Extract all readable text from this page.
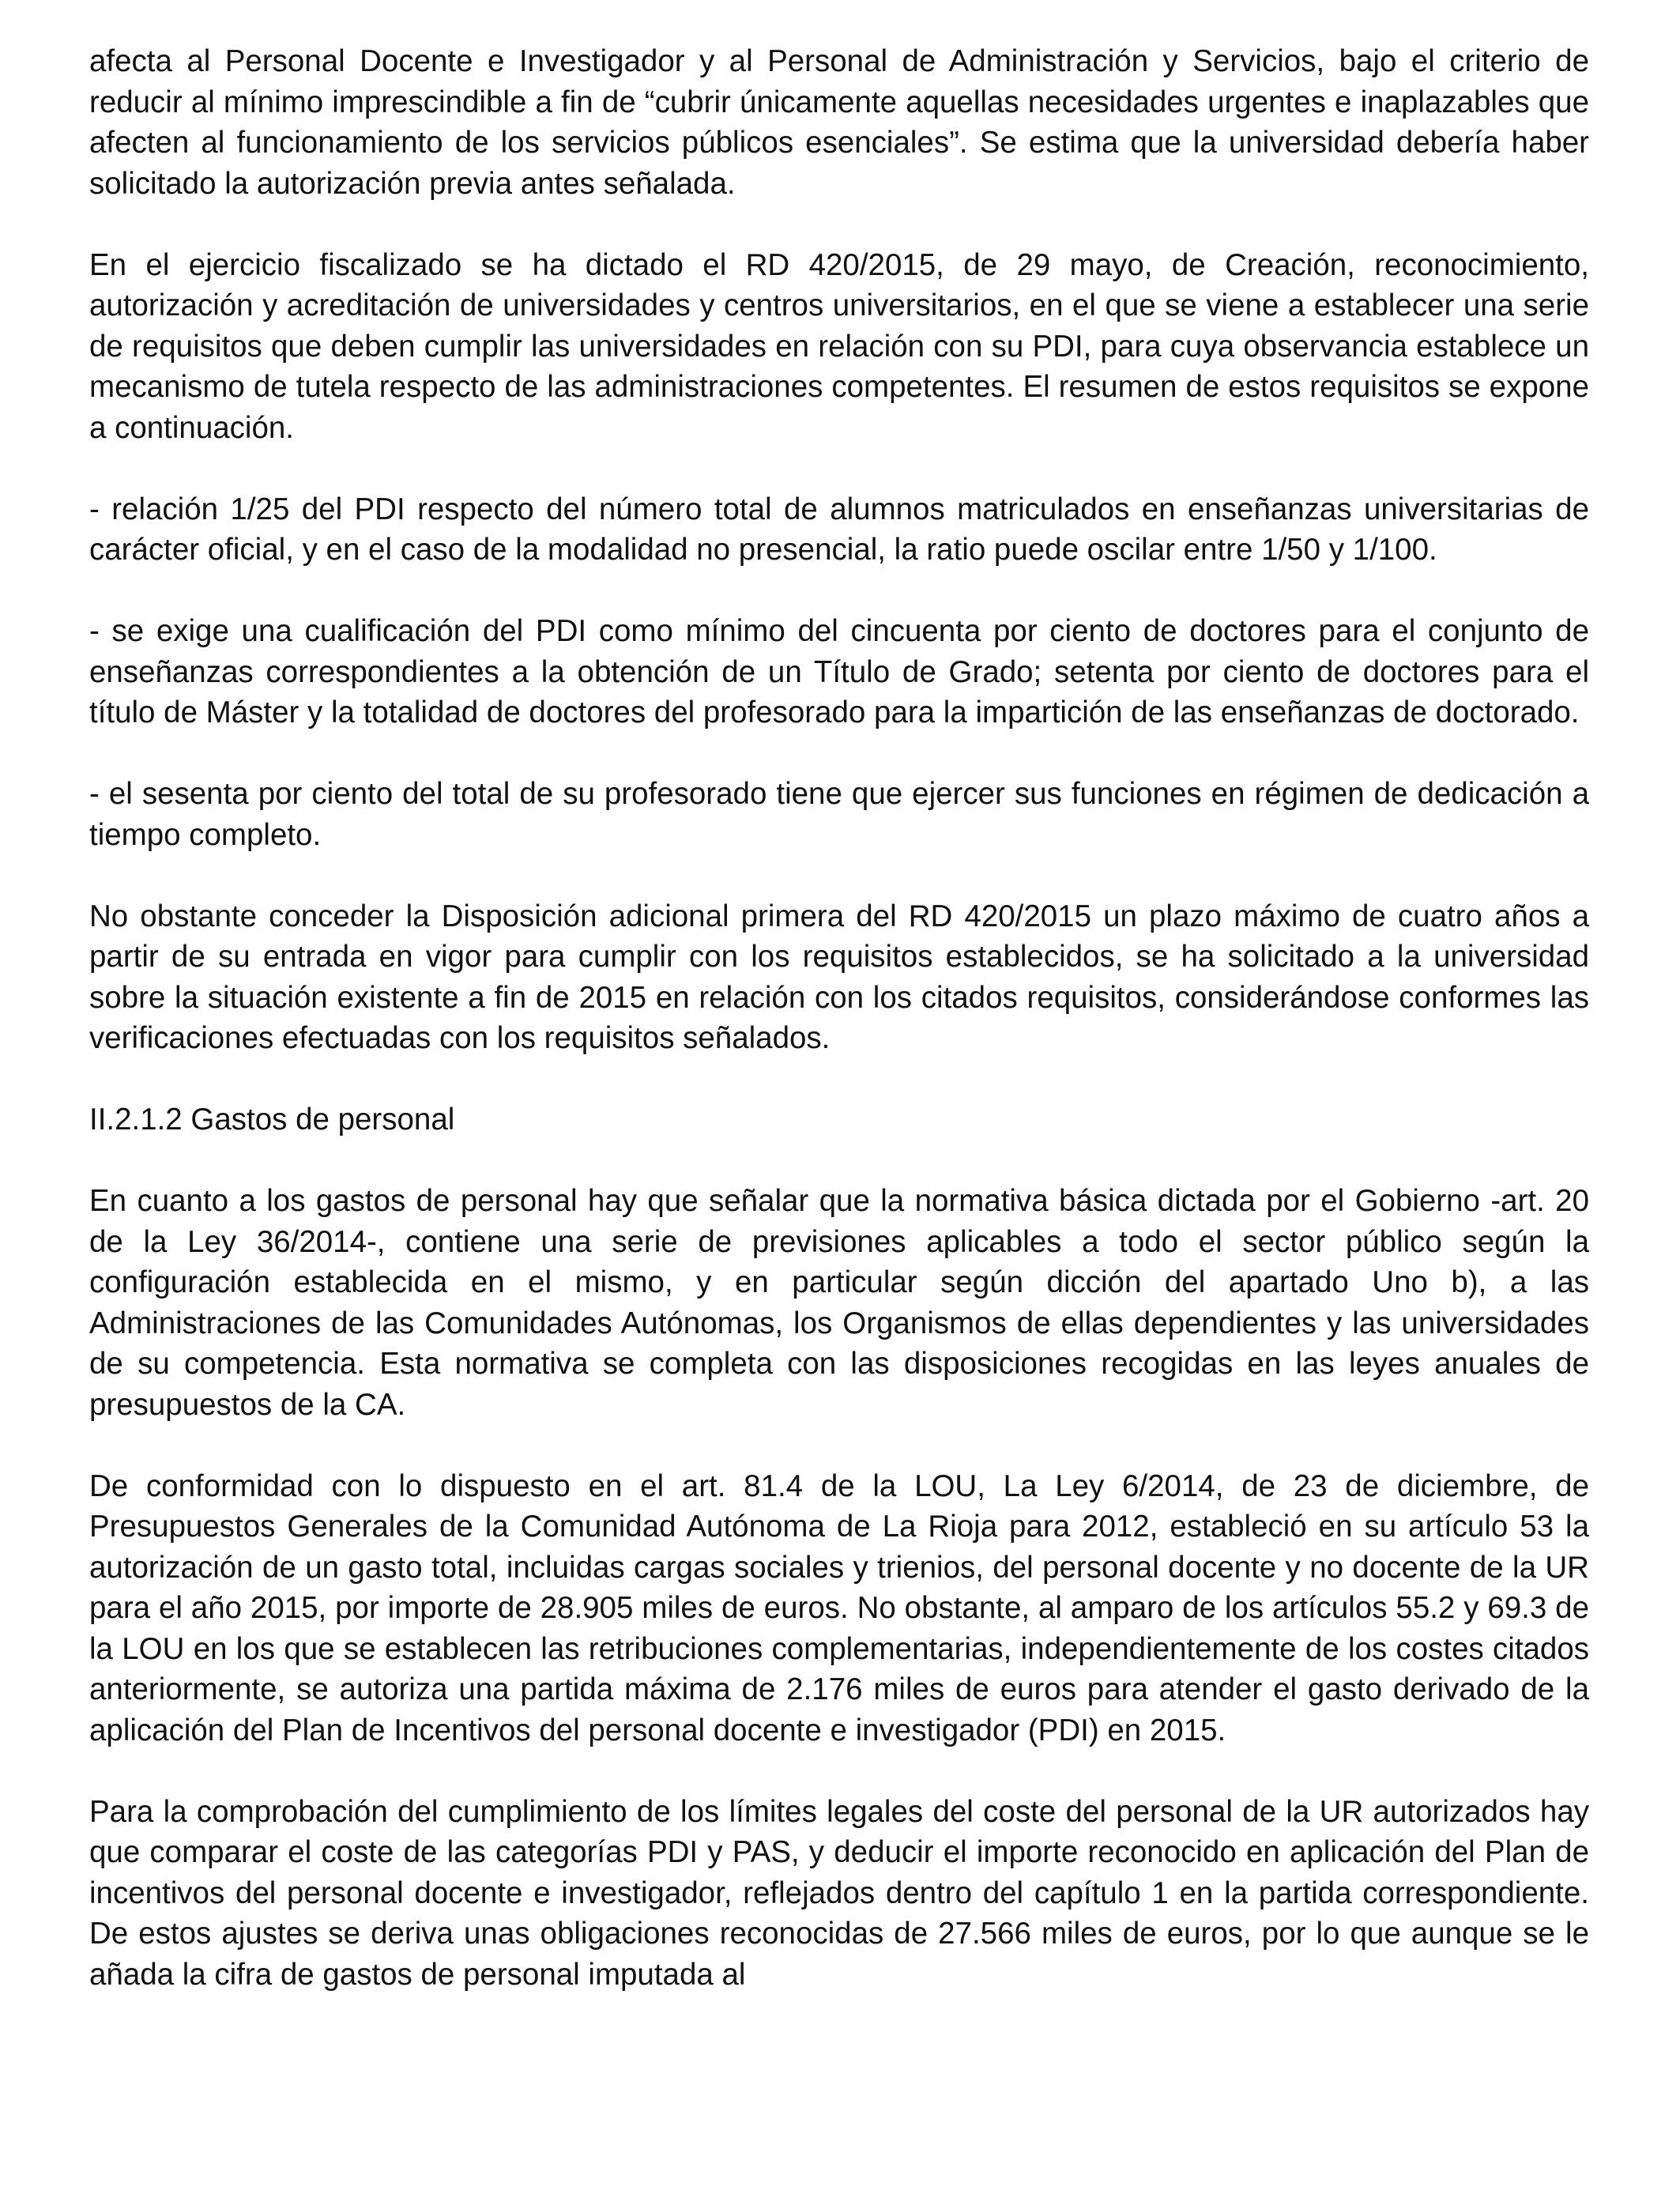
afecta al Personal Docente e Investigador y al Personal de Administración y Servicios, bajo el criterio de reducir al mínimo imprescindible a fin de “cubrir únicamente aquellas necesidades urgentes e inaplazables que afecten al funcionamiento de los servicios públicos esenciales”. Se estima que la universidad debería haber solicitado la autorización previa antes señalada.

En el ejercicio fiscalizado se ha dictado el RD 420/2015, de 29 mayo, de Creación, reconocimiento, autorización y acreditación de universidades y centros universitarios, en el que se viene a establecer una serie de requisitos que deben cumplir las universidades en relación con su PDI, para cuya observancia establece un mecanismo de tutela respecto de las administraciones competentes. El resumen de estos requisitos se expone a continuación.

- relación 1/25 del PDI respecto del número total de alumnos matriculados en enseñanzas universitarias de carácter oficial, y en el caso de la modalidad no presencial, la ratio puede oscilar entre 1/50 y 1/100.

- se exige una cualificación del PDI como mínimo del cincuenta por ciento de doctores para el conjunto de enseñanzas correspondientes a la obtención de un Título de Grado; setenta por ciento de doctores para el título de Máster y la totalidad de doctores del profesorado para la impartición de las enseñanzas de doctorado.

- el sesenta por ciento del total de su profesorado tiene que ejercer sus funciones en régimen de dedicación a tiempo completo.

No obstante conceder la Disposición adicional primera del RD 420/2015 un plazo máximo de cuatro años a partir de su entrada en vigor para cumplir con los requisitos establecidos, se ha solicitado a la universidad sobre la situación existente a fin de 2015 en relación con los citados requisitos, considerándose conformes las verificaciones efectuadas con los requisitos señalados.

II.2.1.2 Gastos de personal

En cuanto a los gastos de personal hay que señalar que la normativa básica dictada por el Gobierno -art. 20 de la Ley 36/2014-, contiene una serie de previsiones aplicables a todo el sector público según la configuración establecida en el mismo, y en particular según dicción del apartado Uno b), a las Administraciones de las Comunidades Autónomas, los Organismos de ellas dependientes y las universidades de su competencia. Esta normativa se completa con las disposiciones recogidas en las leyes anuales de presupuestos de la CA.

De conformidad con lo dispuesto en el art. 81.4 de la LOU, La Ley 6/2014, de 23 de diciembre, de Presupuestos Generales de la Comunidad Autónoma de La Rioja para 2012, estableció en su artículo 53 la autorización de un gasto total, incluidas cargas sociales y trienios, del personal docente y no docente de la UR para el año 2015, por importe de 28.905 miles de euros. No obstante, al amparo de los artículos 55.2 y 69.3 de la LOU en los que se establecen las retribuciones complementarias, independientemente de los costes citados anteriormente, se autoriza una partida máxima de 2.176 miles de euros para atender el gasto derivado de la aplicación del Plan de Incentivos del personal docente e investigador (PDI) en 2015.

Para la comprobación del cumplimiento de los límites legales del coste del personal de la UR autorizados hay que comparar el coste de las categorías PDI y PAS, y deducir el importe reconocido en aplicación del Plan de incentivos del personal docente e investigador, reflejados dentro del capítulo 1 en la partida correspondiente. De estos ajustes se deriva unas obligaciones reconocidas de 27.566 miles de euros, por lo que aunque se le añada la cifra de gastos de personal imputada al
